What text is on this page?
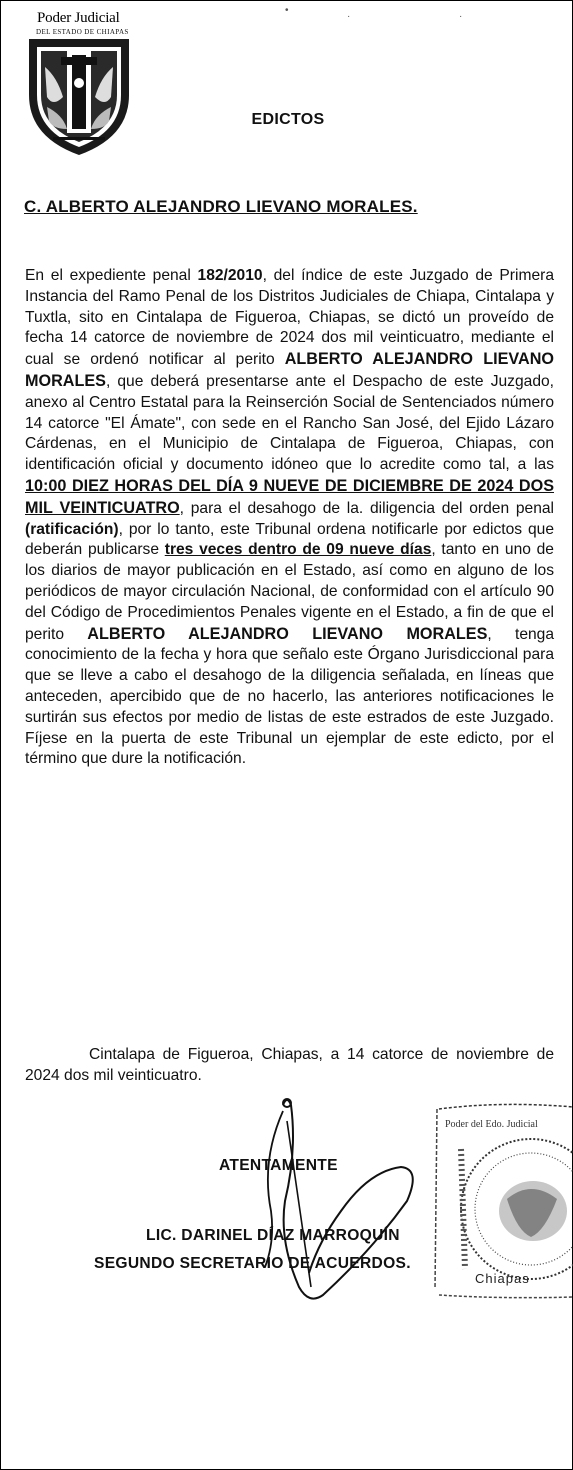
Poder Judicial
DEL ESTADO DE CHIAPAS
EDICTOS
C. ALBERTO ALEJANDRO LIEVANO MORALES.
En el expediente penal 182/2010, del índice de este Juzgado de Primera Instancia del Ramo Penal de los Distritos Judiciales de Chiapa, Cintalapa y Tuxtla, sito en Cintalapa de Figueroa, Chiapas, se dictó un proveído de fecha 14 catorce de noviembre de 2024 dos mil veinticuatro, mediante el cual se ordenó notificar al perito ALBERTO ALEJANDRO LIEVANO MORALES, que deberá presentarse ante el Despacho de este Juzgado, anexo al Centro Estatal para la Reinserción Social de Sentenciados número 14 catorce "El Ámate", con sede en el Rancho San José, del Ejido Lázaro Cárdenas, en el Municipio de Cintalapa de Figueroa, Chiapas, con identificación oficial y documento idóneo que lo acredite como tal, a las 10:00 DIEZ HORAS DEL DÍA 9 NUEVE DE DICIEMBRE DE 2024 DOS MIL VEINTICUATRO, para el desahogo de la. diligencia del orden penal (ratificación), por lo tanto, este Tribunal ordena notificarle por edictos que deberán publicarse tres veces dentro de 09 nueve días, tanto en uno de los diarios de mayor publicación en el Estado, así como en alguno de los periódicos de mayor circulación Nacional, de conformidad con el artículo 90 del Código de Procedimientos Penales vigente en el Estado, a fin de que el perito ALBERTO ALEJANDRO LIEVANO MORALES, tenga conocimiento de la fecha y hora que señalo este Órgano Jurisdiccional para que se lleve a cabo el desahogo de la diligencia señalada, en líneas que anteceden, apercibido que de no hacerlo, las anteriores notificaciones le surtirán sus efectos por medio de listas de este estrados de este Juzgado. Fíjese en la puerta de este Tribunal un ejemplar de este edicto, por el término que dure la notificación.
Cintalapa de Figueroa, Chiapas, a 14 catorce de noviembre de 2024 dos mil veinticuatro.
ATENTAMENTE
LIC. DARINEL DÍAZ MARROQUÍN
SEGUNDO SECRETARIO DE ACUERDOS.
Poder del Edo. Judicial
Chiapas
•
·	·
